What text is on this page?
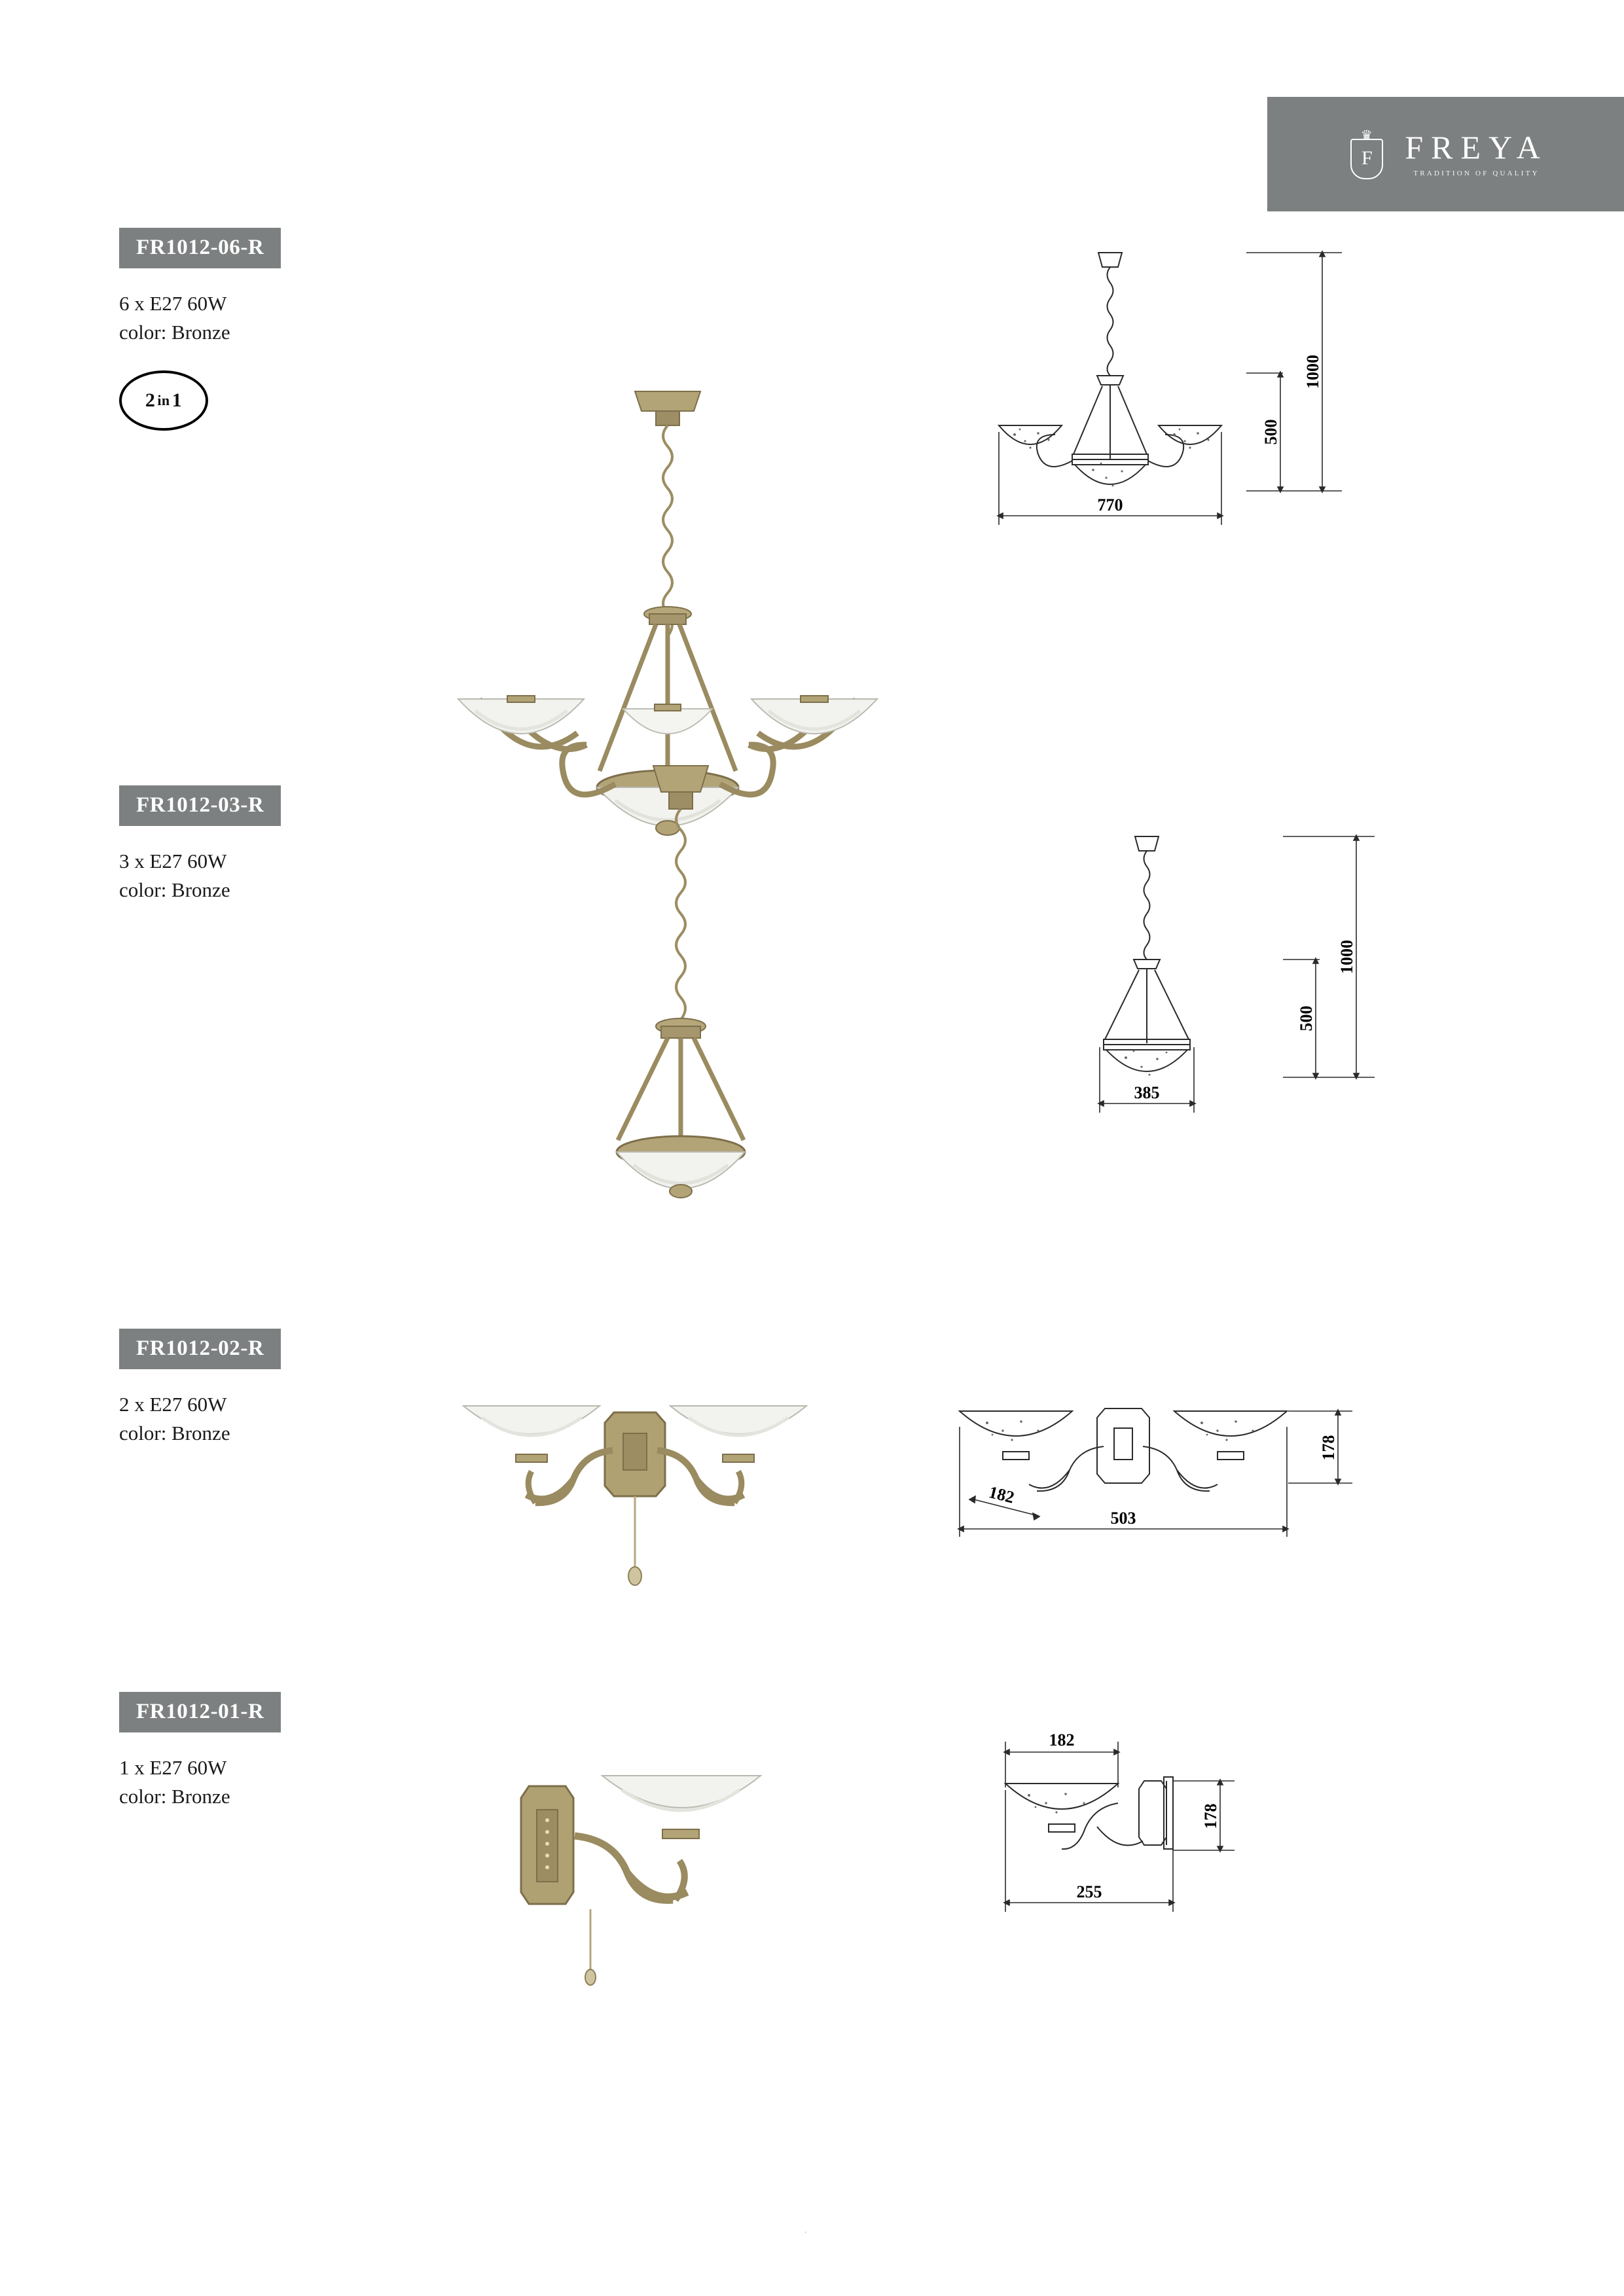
♛
F FREYA
TRADITION OF QUALITY
FR1012-06-R
6 x E27 60W
color: Bronze
2 in 1
1000
500
770
FR1012-03-R
3 x E27 60W
color: Bronze
1000
500
385
FR1012-02-R
2 x E27 60W
color: Bronze
178
503
182
FR1012-01-R
1 x E27 60W
color: Bronze
182
178
255
.
